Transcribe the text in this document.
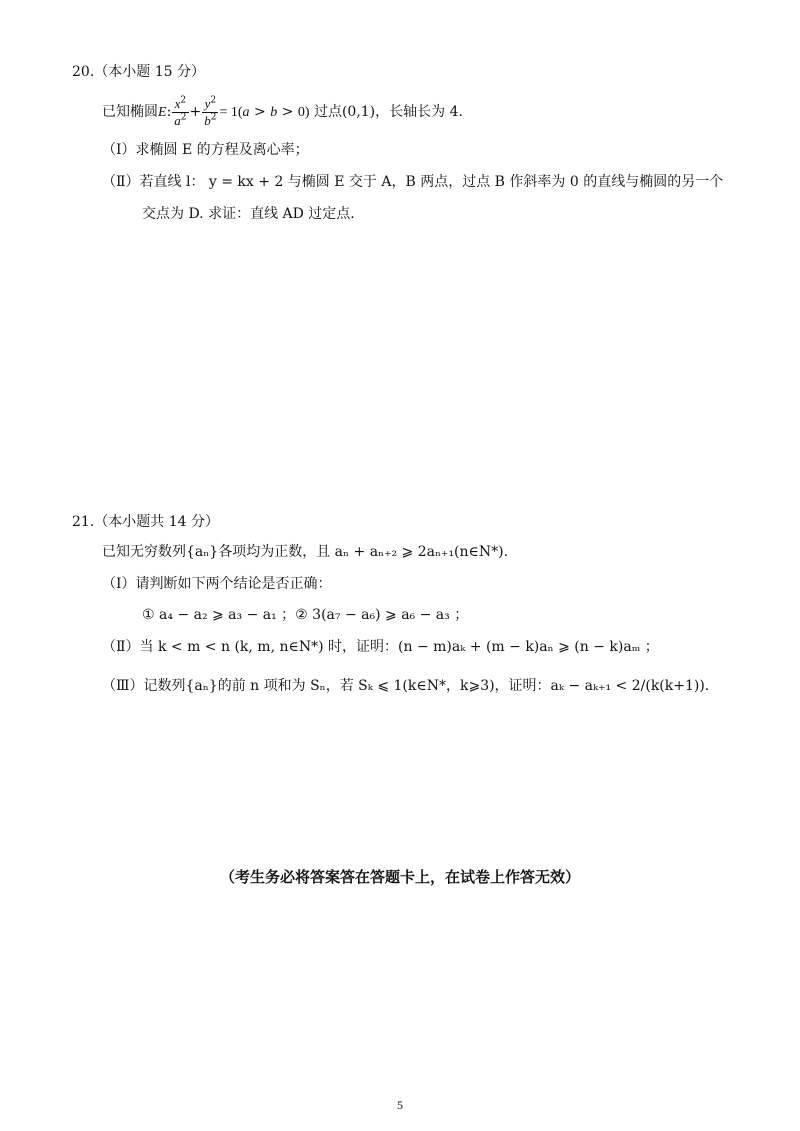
20.（本小题 15 分）
已知椭圆E: $\frac{x^2}{a^2} + \frac{y^2}{b^2} = 1(a > b > 0)$ 过点(0,1)，长轴长为 4.
（Ⅰ）求椭圆 E 的方程及离心率；
（Ⅱ）若直线 l： y = kx + 2 与椭圆 E 交于 A，B 两点，过点 B 作斜率为 0 的直线与椭圆的另一个
交点为 D. 求证：直线 AD 过定点.
21.（本小题共 14 分）
已知无穷数列{aₙ}各项均为正数，且 aₙ + aₙ₊₂ ⩾ 2aₙ₊₁(n∈N*).
（Ⅰ）请判断如下两个结论是否正确：
① a₄ − a₂ ⩾ a₃ − a₁ ；② 3(a₇ − a₆) ⩾ a₆ − a₃ ；
（Ⅱ）当 k < m < n (k, m, n∈N*) 时，证明：(n − m)aₖ + (m − k)aₙ ⩾ (n − k)aₘ ；
（Ⅲ）记数列{aₙ}的前 n 项和为 Sₙ，若 Sₖ ⩽ 1(k∈N*，k⩾3)，证明：aₖ − aₖ₊₁ < 2/(k(k+1)).
（考生务必将答案答在答题卡上，在试卷上作答无效）
5
